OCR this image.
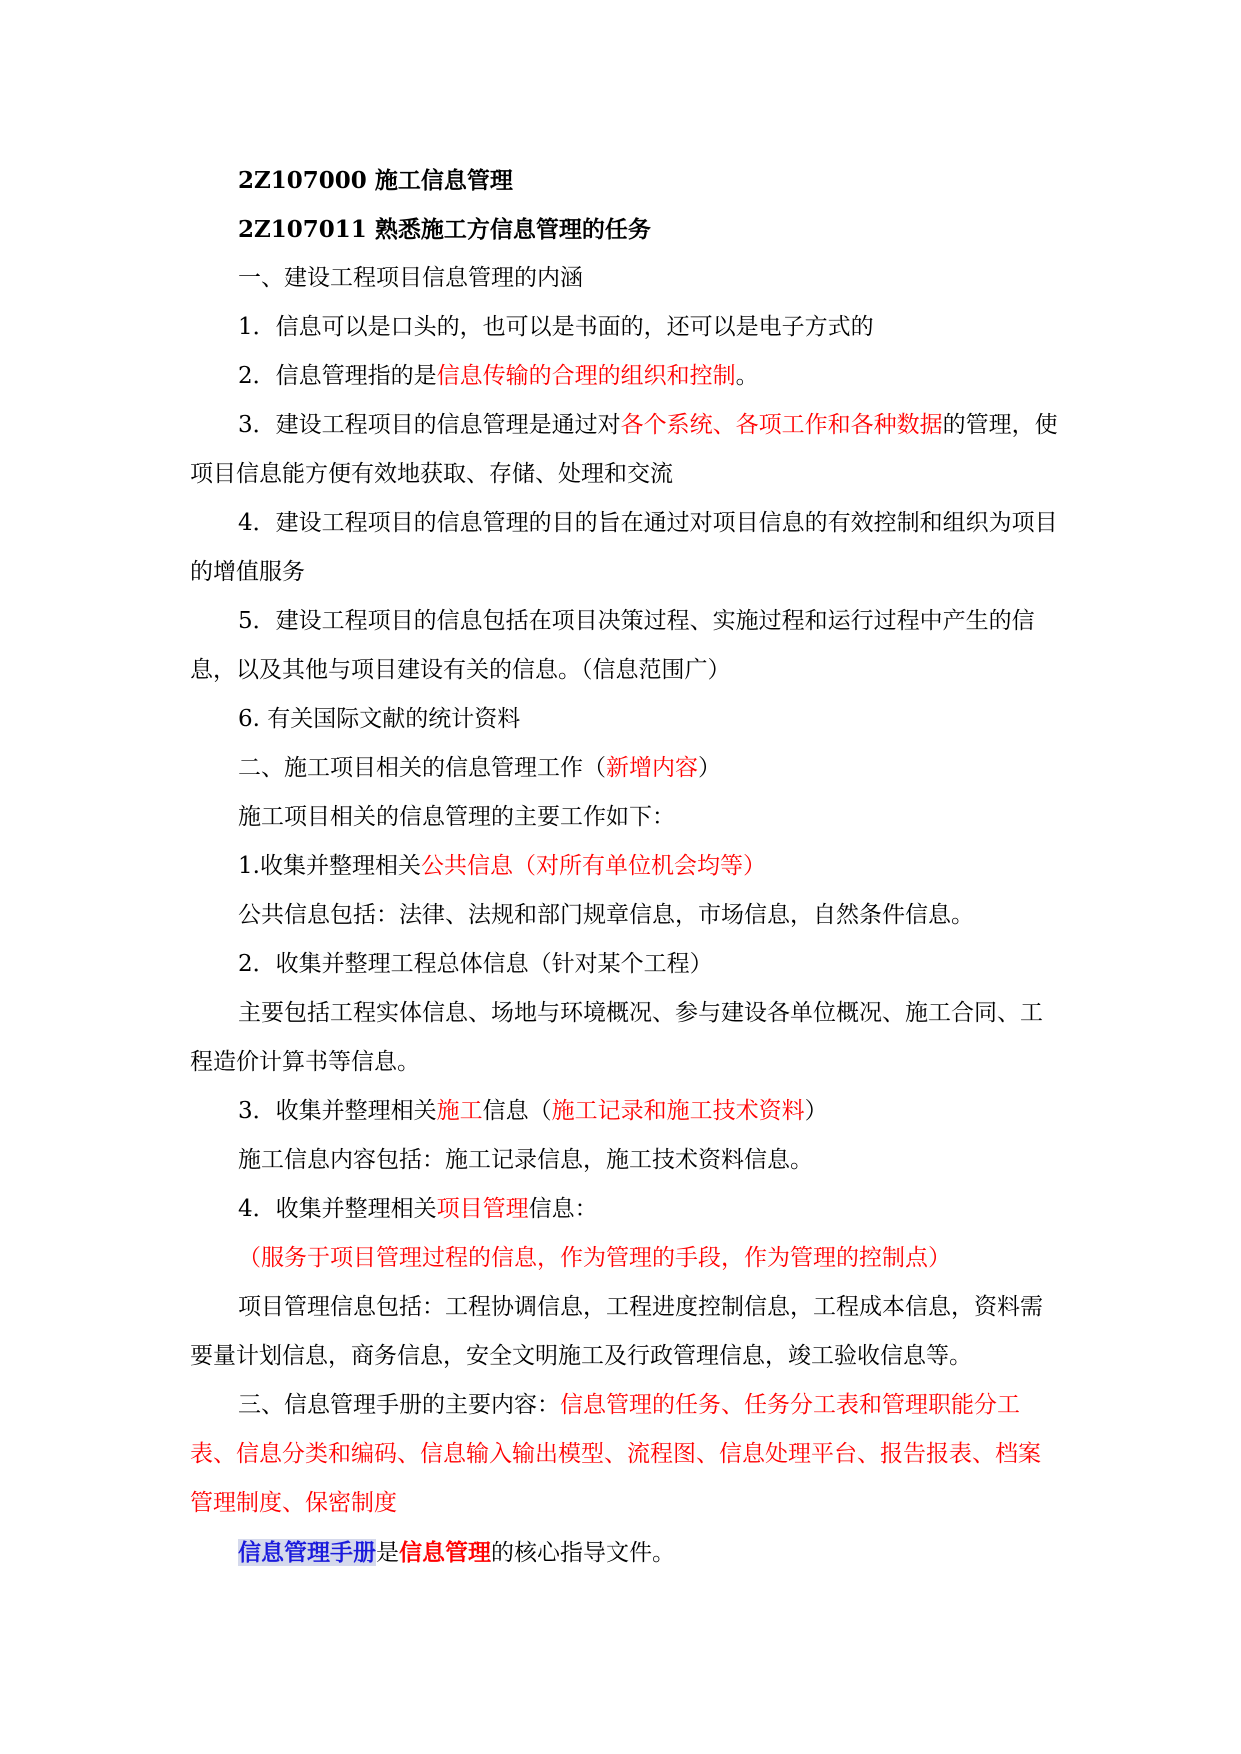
2Z107000 施工信息管理

2Z107011 熟悉施工方信息管理的任务

一、建设工程项目信息管理的内涵

1．信息可以是口头的，也可以是书面的，还可以是电子方式的

2．信息管理指的是信息传输的合理的组织和控制。

3．建设工程项目的信息管理是通过对各个系统、各项工作和各种数据的管理，使项目信息能方便有效地获取、存储、处理和交流

4．建设工程项目的信息管理的目的旨在通过对项目信息的有效控制和组织为项目的增值服务

5．建设工程项目的信息包括在项目决策过程、实施过程和运行过程中产生的信息，以及其他与项目建设有关的信息。（信息范围广）

6. 有关国际文献的统计资料

二、施工项目相关的信息管理工作（新增内容）

施工项目相关的信息管理的主要工作如下：

1.收集并整理相关公共信息（对所有单位机会均等）

公共信息包括：法律、法规和部门规章信息，市场信息，自然条件信息。

2．收集并整理工程总体信息（针对某个工程）

主要包括工程实体信息、场地与环境概况、参与建设各单位概况、施工合同、工程造价计算书等信息。

3．收集并整理相关施工信息（施工记录和施工技术资料）

施工信息内容包括：施工记录信息，施工技术资料信息。

4．收集并整理相关项目管理信息：

（服务于项目管理过程的信息，作为管理的手段，作为管理的控制点）

项目管理信息包括：工程协调信息，工程进度控制信息，工程成本信息，资料需要量计划信息，商务信息，安全文明施工及行政管理信息，竣工验收信息等。

三、信息管理手册的主要内容：信息管理的任务、任务分工表和管理职能分工表、信息分类和编码、信息输入输出模型、流程图、信息处理平台、报告报表、档案管理制度、保密制度

信息管理手册是信息管理的核心指导文件。
